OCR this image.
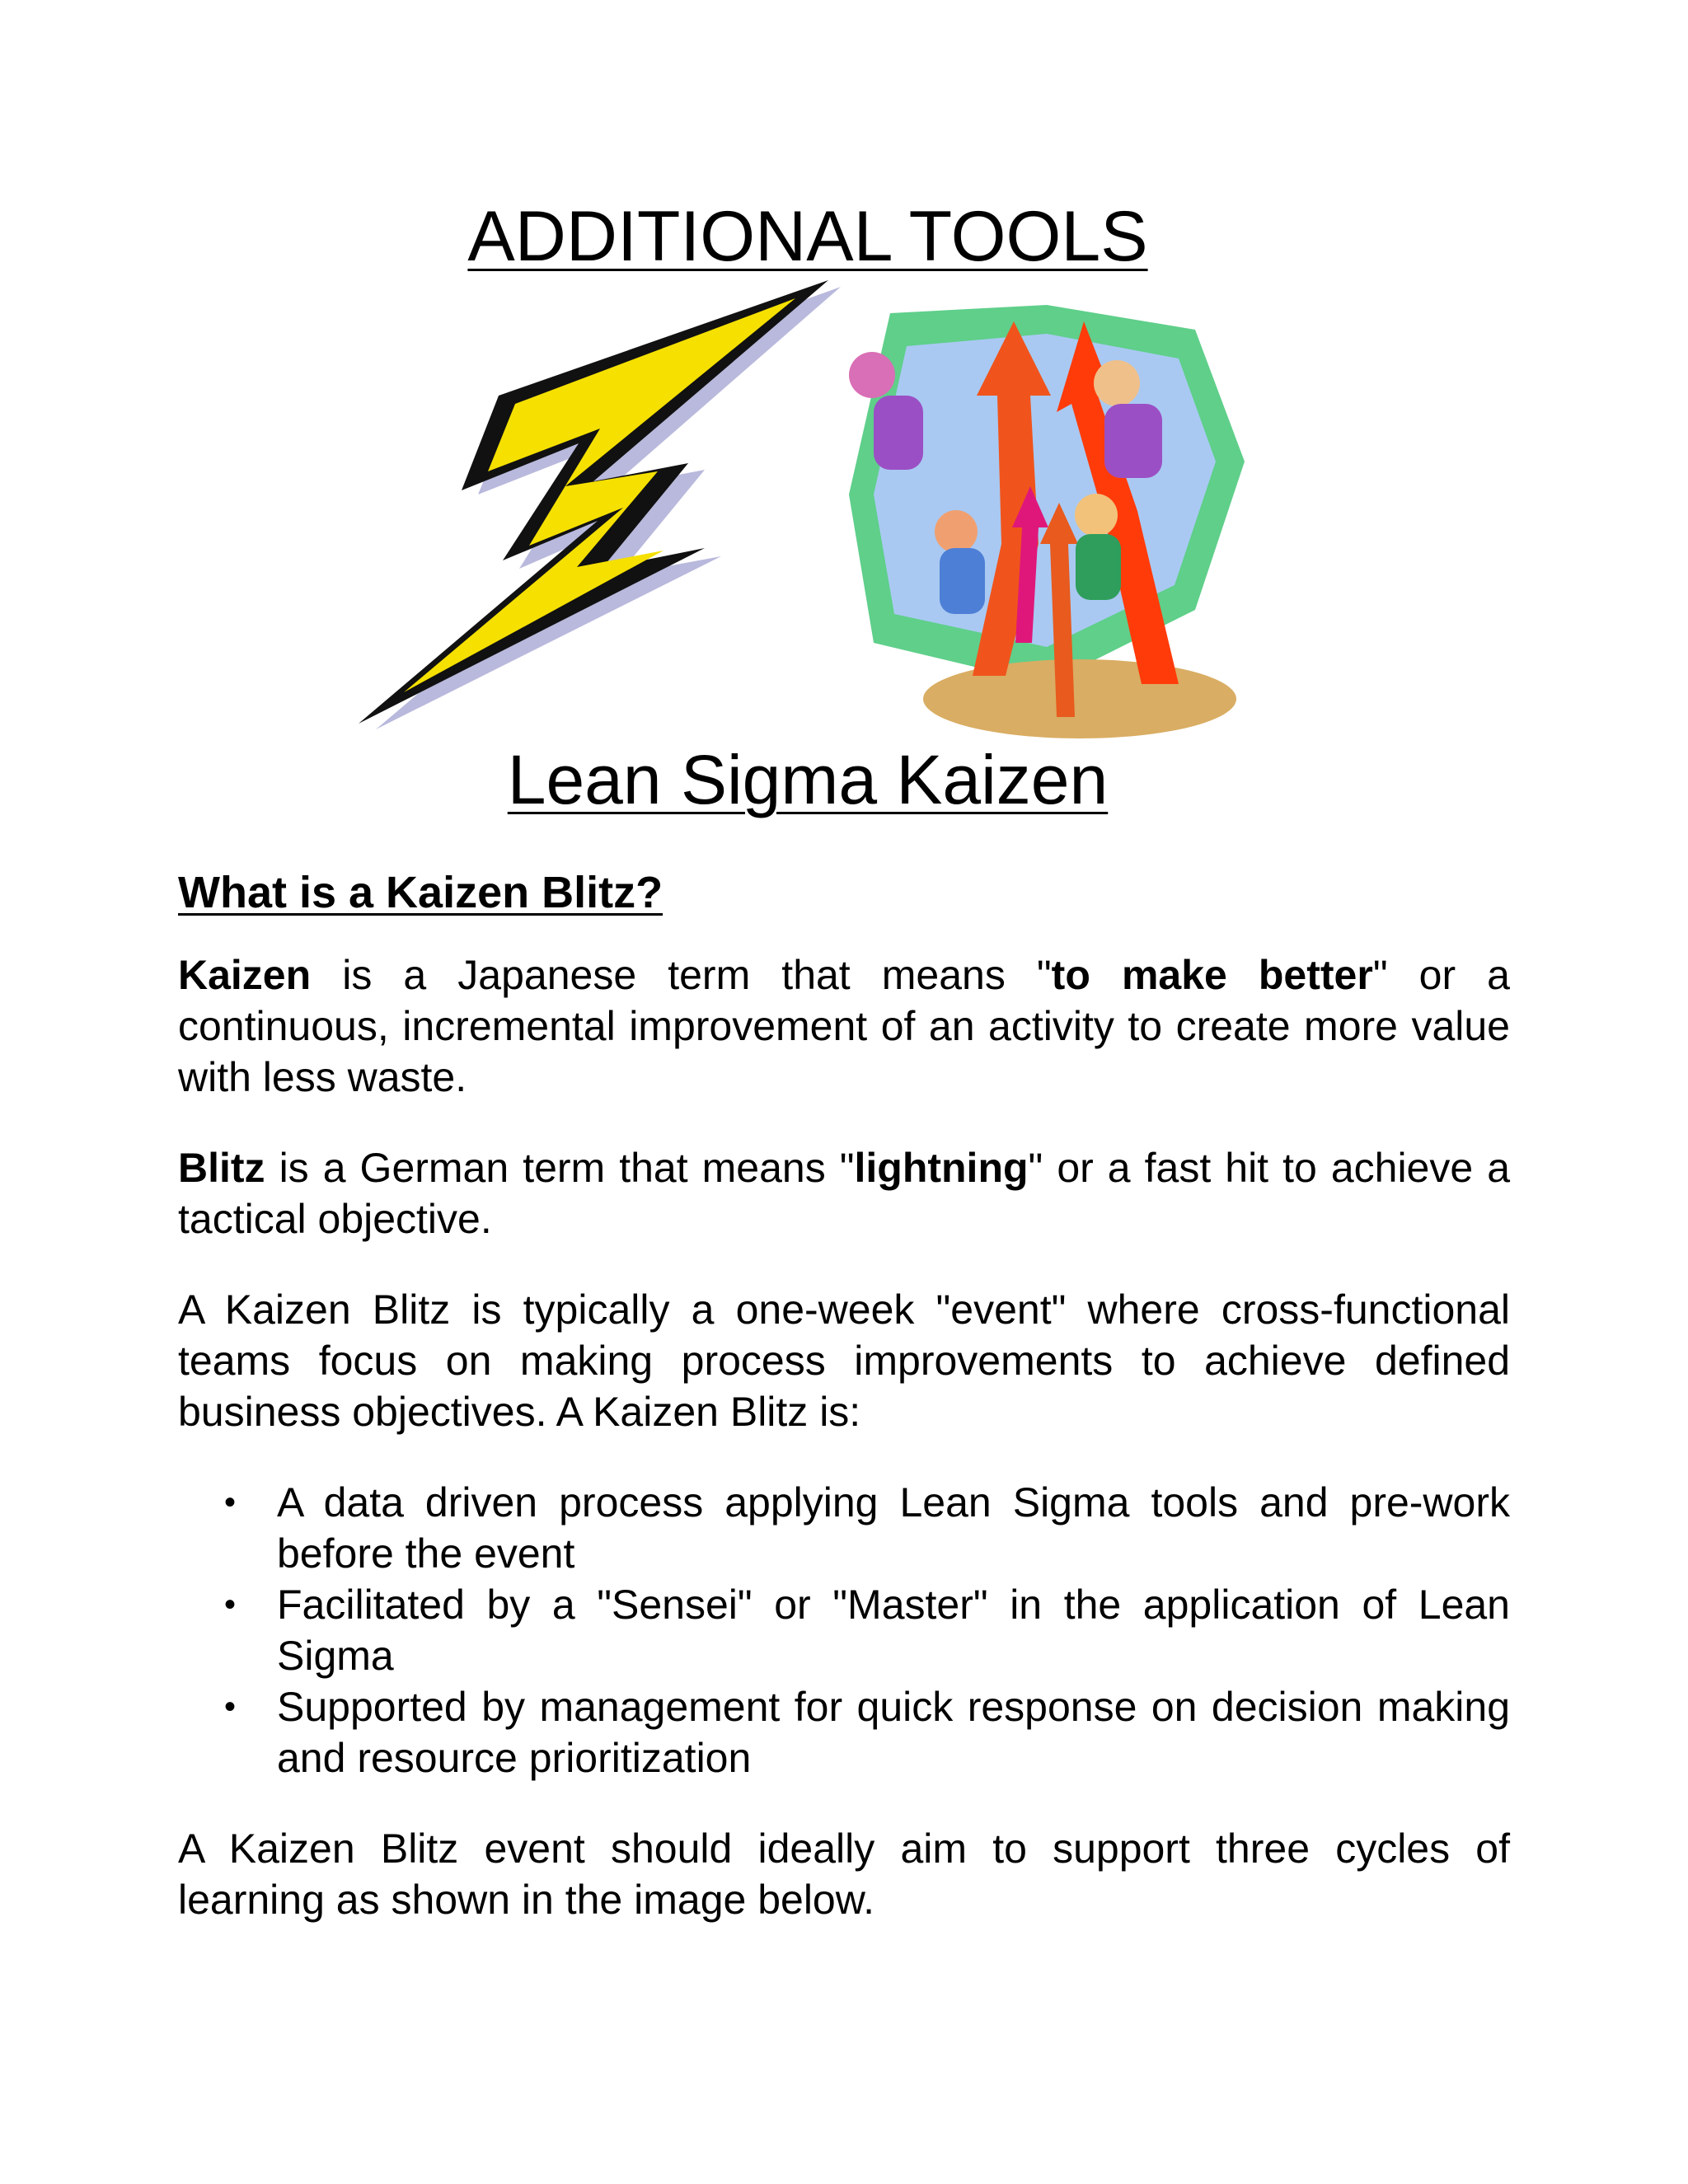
ADDITIONAL TOOLS
Lean Sigma Kaizen
What is a Kaizen Blitz?

Kaizen is a Japanese term that means "to make better" or a continuous, incremental improvement of an activity to create more value with less waste.

Blitz is a German term that means "lightning" or a fast hit to achieve a tactical objective.

A Kaizen Blitz is typically a one-week "event" where cross-functional teams focus on making process improvements to achieve defined business objectives. A Kaizen Blitz is:

• A data driven process applying Lean Sigma tools and pre-work before the event
• Facilitated by a "Sensei" or "Master" in the application of Lean Sigma
• Supported by management for quick response on decision making and resource prioritization

A Kaizen Blitz event should ideally aim to support three cycles of learning as shown in the image below.
